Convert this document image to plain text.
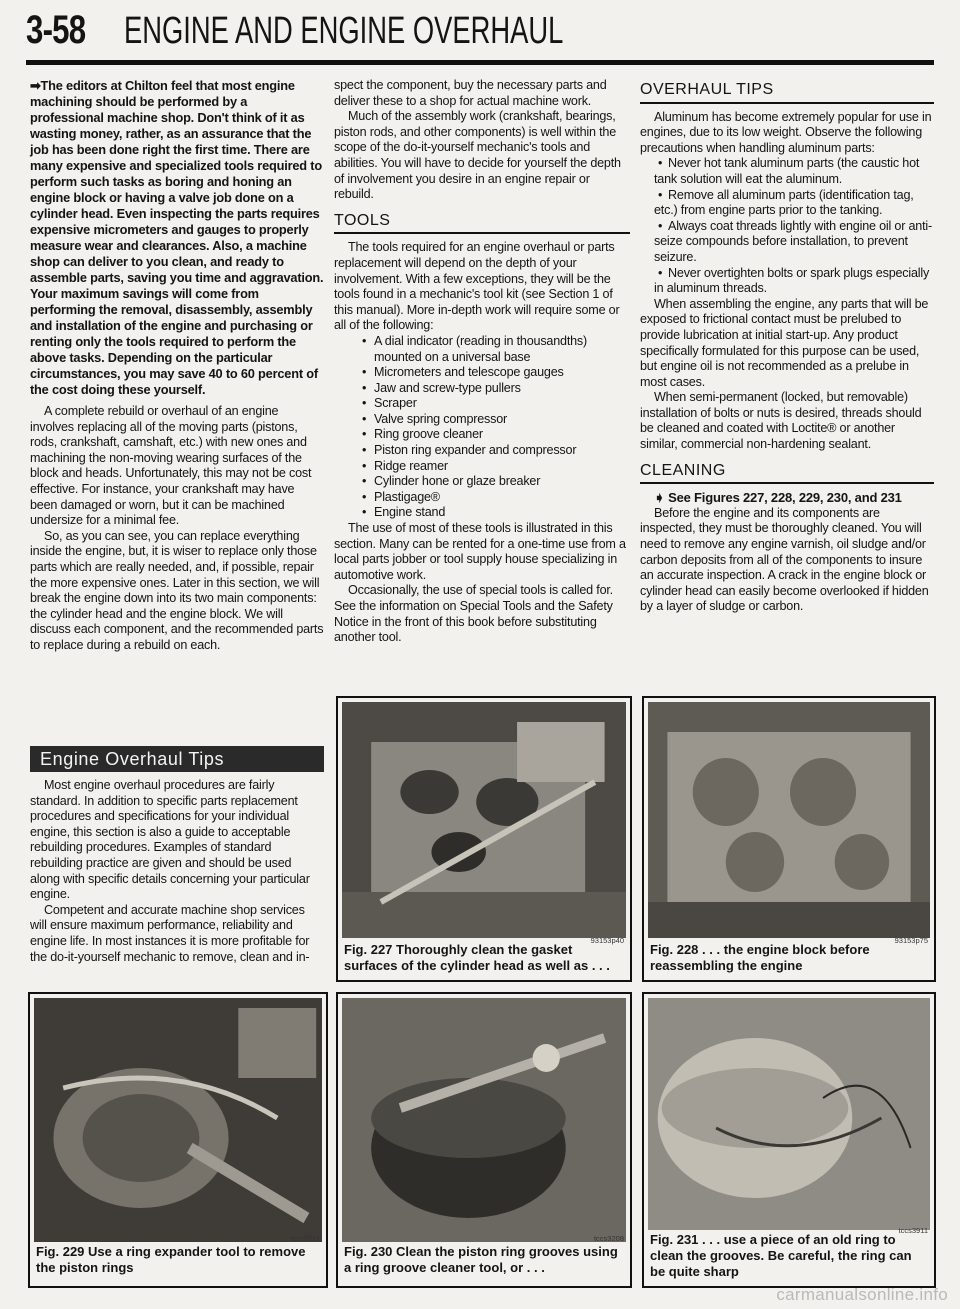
3-58 ENGINE AND ENGINE OVERHAUL

➡The editors at Chilton feel that most engine machining should be performed by a professional machine shop. Don't think of it as wasting money, rather, as an assurance that the job has been done right the first time. There are many expensive and specialized tools required to perform such tasks as boring and honing an engine block or having a valve job done on a cylinder head. Even inspecting the parts requires expensive micrometers and gauges to properly measure wear and clearances. Also, a machine shop can deliver to you clean, and ready to assemble parts, saving you time and aggravation. Your maximum savings will come from performing the removal, disassembly, assembly and installation of the engine and purchasing or renting only the tools required to perform the above tasks. Depending on the particular circumstances, you may save 40 to 60 percent of the cost doing these yourself.

A complete rebuild or overhaul of an engine involves replacing all of the moving parts (pistons, rods, crankshaft, camshaft, etc.) with new ones and machining the non-moving wearing surfaces of the block and heads. Unfortunately, this may not be cost effective. For instance, your crankshaft may have been damaged or worn, but it can be machined undersize for a minimal fee.

So, as you can see, you can replace everything inside the engine, but, it is wiser to replace only those parts which are really needed, and, if possible, repair the more expensive ones. Later in this section, we will break the engine down into its two main components: the cylinder head and the engine block. We will discuss each component, and the recommended parts to replace during a rebuild on each.

Engine Overhaul Tips

Most engine overhaul procedures are fairly standard. In addition to specific parts replacement procedures and specifications for your individual engine, this section is also a guide to acceptable rebuilding procedures. Examples of standard rebuilding practice are given and should be used along with specific details concerning your particular engine.

Competent and accurate machine shop services will ensure maximum performance, reliability and engine life. In most instances it is more profitable for the do-it-yourself mechanic to remove, clean and in-

spect the component, buy the necessary parts and deliver these to a shop for actual machine work.

Much of the assembly work (crankshaft, bearings, piston rods, and other components) is well within the scope of the do-it-yourself mechanic's tools and abilities. You will have to decide for yourself the depth of involvement you desire in an engine repair or rebuild.

TOOLS

The tools required for an engine overhaul or parts replacement will depend on the depth of your involvement. With a few exceptions, they will be the tools found in a mechanic's tool kit (see Section 1 of this manual). More in-depth work will require some or all of the following:

• A dial indicator (reading in thousandths) mounted on a universal base
• Micrometers and telescope gauges
• Jaw and screw-type pullers
• Scraper
• Valve spring compressor
• Ring groove cleaner
• Piston ring expander and compressor
• Ridge reamer
• Cylinder hone or glaze breaker
• Plastigage®
• Engine stand

The use of most of these tools is illustrated in this section. Many can be rented for a one-time use from a local parts jobber or tool supply house specializing in automotive work.

Occasionally, the use of special tools is called for. See the information on Special Tools and the Safety Notice in the front of this book before substituting another tool.

OVERHAUL TIPS

Aluminum has become extremely popular for use in engines, due to its low weight. Observe the following precautions when handling aluminum parts:

• Never hot tank aluminum parts (the caustic hot tank solution will eat the aluminum.
• Remove all aluminum parts (identification tag, etc.) from engine parts prior to the tanking.
• Always coat threads lightly with engine oil or anti-seize compounds before installation, to prevent seizure.
• Never overtighten bolts or spark plugs especially in aluminum threads.

When assembling the engine, any parts that will be exposed to frictional contact must be prelubed to provide lubrication at initial start-up. Any product specifically formulated for this purpose can be used, but engine oil is not recommended as a prelube in most cases.

When semi-permanent (locked, but removable) installation of bolts or nuts is desired, threads should be cleaned and coated with Loctite® or another similar, commercial non-hardening sealant.

CLEANING

➧ See Figures 227, 228, 229, 230, and 231

Before the engine and its components are inspected, they must be thoroughly cleaned. You will need to remove any engine varnish, oil sludge and/or carbon deposits from all of the components to insure an accurate inspection. A crack in the engine block or cylinder head can easily become overlooked if hidden by a layer of sludge or carbon.

93153p40
Fig. 227 Thoroughly clean the gasket surfaces of the cylinder head as well as . . .
93153p75
Fig. 228 . . . the engine block before reassembling the engine
tccs3211
Fig. 229 Use a ring expander tool to remove the piston rings
tccs3208
Fig. 230 Clean the piston ring grooves using a ring groove cleaner tool, or . . .
tccs3911
Fig. 231 . . . use a piece of an old ring to clean the grooves. Be careful, the ring can be quite sharp
carmanualsonline.info
